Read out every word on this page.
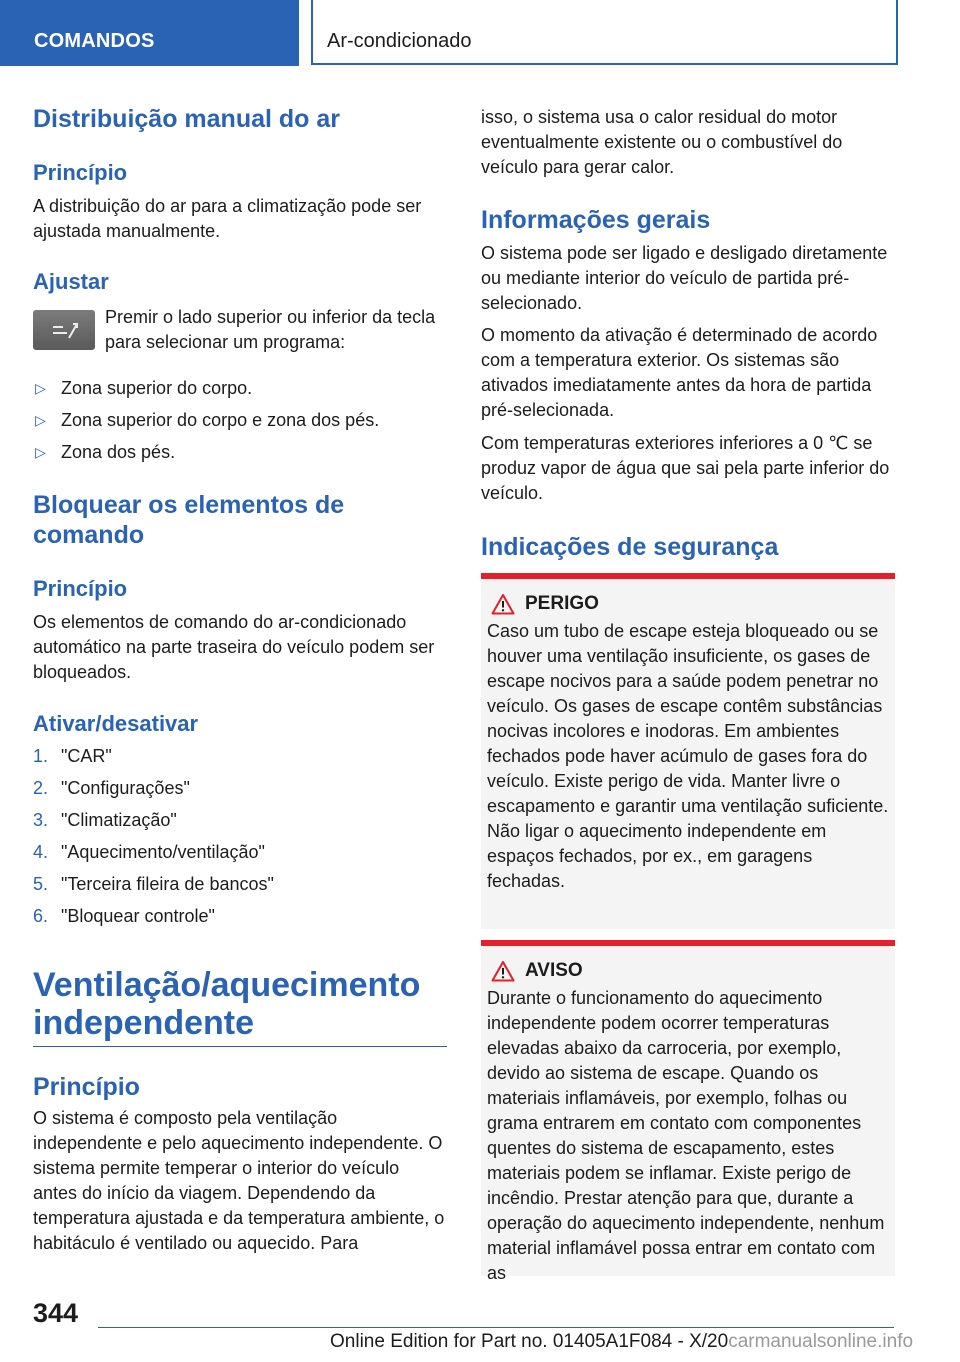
COMANDOS	Ar-condicionado
Distribuição manual do ar
Princípio

A distribuição do ar para a climatização pode ser ajustada manualmente.

Ajustar

Premir o lado superior ou inferior da tecla para selecionar um programa:

▷ Zona superior do corpo.
▷ Zona superior do corpo e zona dos pés.
▷ Zona dos pés.
Bloquear os elementos de comando
Princípio

Os elementos de comando do ar-condicionado automático na parte traseira do veículo podem ser bloqueados.

Ativar/desativar
1. "CAR"
2. "Configurações"
3. "Climatização"
4. "Aquecimento/ventilação"
5. "Terceira fileira de bancos"
6. "Bloquear controle"
Ventilação/aquecimento
independente
Princípio

O sistema é composto pela ventilação independente e pelo aquecimento independente. O sistema permite temperar o interior do veículo antes do início da viagem. Dependendo da temperatura ajustada e da temperatura ambiente, o habitáculo é ventilado ou aquecido. Para

isso, o sistema usa o calor residual do motor eventualmente existente ou o combustível do veículo para gerar calor.

Informações gerais

O sistema pode ser ligado e desligado diretamente ou mediante interior do veículo de partida pré-selecionado.

O momento da ativação é determinado de acordo com a temperatura exterior. Os sistemas são ativados imediatamente antes da hora de partida pré-selecionada.

Com temperaturas exteriores inferiores a 0 ℃ se produz vapor de água que sai pela parte inferior do veículo.

Indicações de segurança
PERIGO

Caso um tubo de escape esteja bloqueado ou se houver uma ventilação insuficiente, os gases de escape nocivos para a saúde podem penetrar no veículo. Os gases de escape contêm substâncias nocivas incolores e inodoras. Em ambientes fechados pode haver acúmulo de gases fora do veículo. Existe perigo de vida. Manter livre o escapamento e garantir uma ventilação suficiente. Não ligar o aquecimento independente em espaços fechados, por ex., em garagens fechadas.

AVISO

Durante o funcionamento do aquecimento independente podem ocorrer temperaturas elevadas abaixo da carroceria, por exemplo, devido ao sistema de escape. Quando os materiais inflamáveis, por exemplo, folhas ou grama entrarem em contato com componentes quentes do sistema de escapamento, estes materiais podem se inflamar. Existe perigo de incêndio. Prestar atenção para que, durante a operação do aquecimento independente, nenhum material inflamável possa entrar em contato com as

344
Online Edition for Part no. 01405A1F084 - X/20carmanualsonline.info
